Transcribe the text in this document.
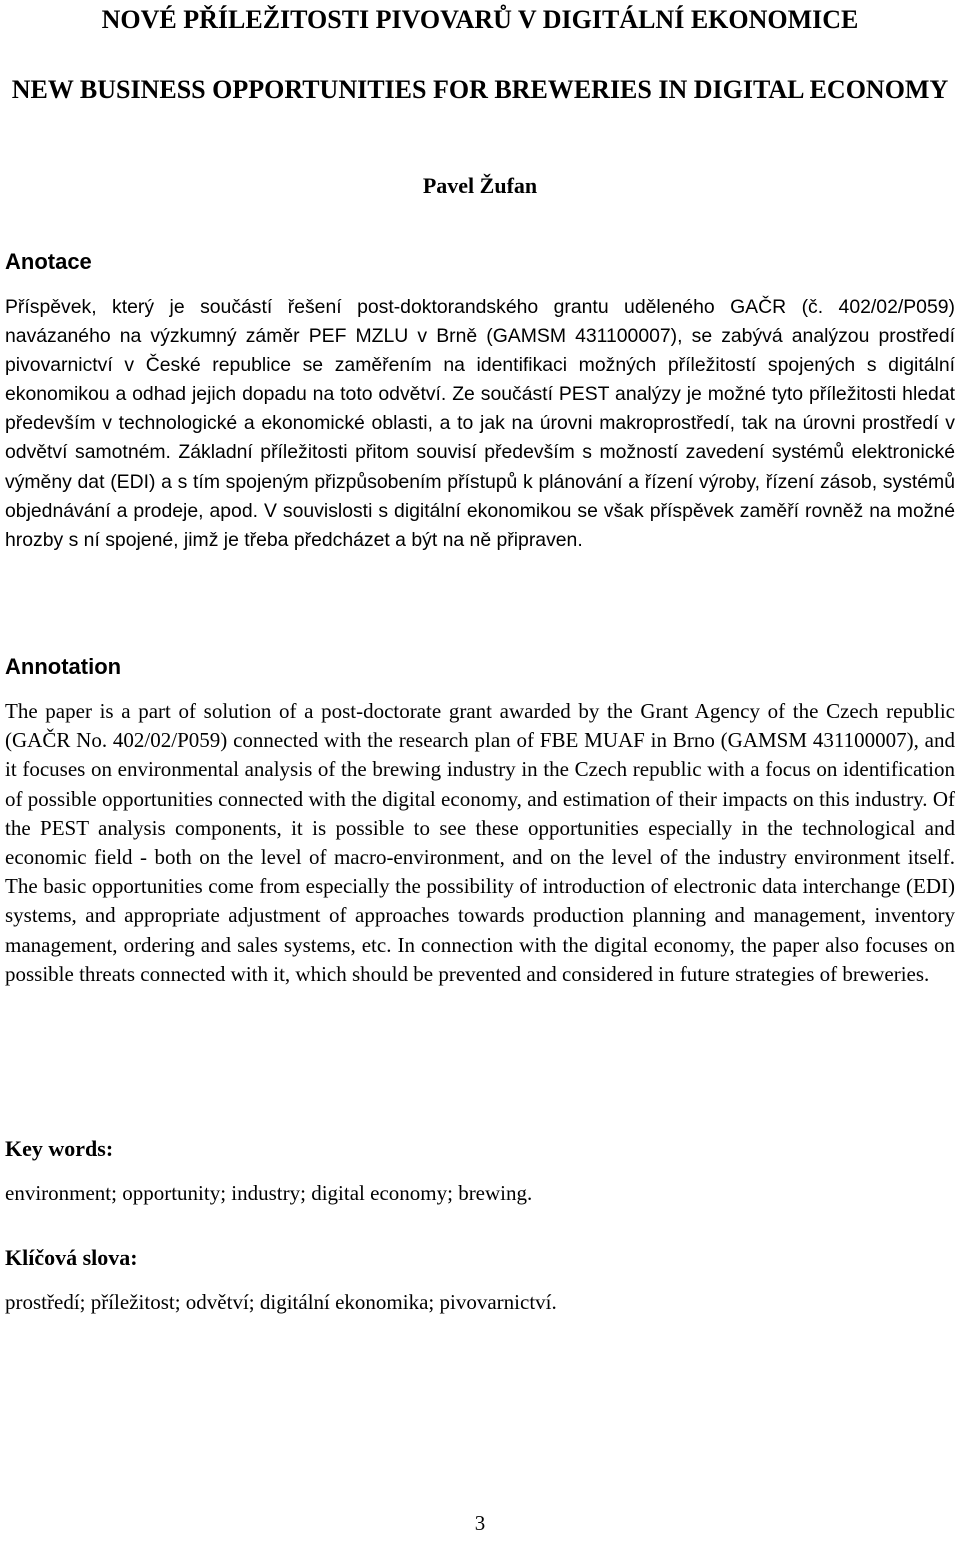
NOVÉ PŘÍLEŽITOSTI PIVOVARŮ V DIGITÁLNÍ EKONOMICE
NEW BUSINESS OPPORTUNITIES FOR BREWERIES IN DIGITAL ECONOMY
Pavel Žufan
Anotace

Příspěvek, který je součástí řešení post-doktorandského grantu uděleného GAČR (č. 402/02/P059) navázaného na výzkumný záměr PEF MZLU v Brně (GAMSM 431100007), se zabývá analýzou prostředí pivovarnictví v České republice se zaměřením na identifikaci možných příležitostí spojených s digitální ekonomikou a odhad jejich dopadu na toto odvětví. Ze součástí PEST analýzy je možné tyto příležitosti hledat především v technologické a ekonomické oblasti, a to jak na úrovni makroprostředí, tak na úrovni prostředí v odvětví samotném. Základní příležitosti přitom souvisí především s možností zavedení systémů elektronické výměny dat (EDI) a s tím spojeným přizpůsobením přístupů k plánování a řízení výroby, řízení zásob, systémů objednávání a prodeje, apod. V souvislosti s digitální ekonomikou se však příspěvek zaměří rovněž na možné hrozby s ní spojené, jimž je třeba předcházet a být na ně připraven.

Annotation

The paper is a part of solution of a post-doctorate grant awarded by the Grant Agency of the Czech republic (GAČR No. 402/02/P059) connected with the research plan of FBE MUAF in Brno (GAMSM 431100007), and it focuses on environmental analysis of the brewing industry in the Czech republic with a focus on identification of possible opportunities connected with the digital economy, and estimation of their impacts on this industry. Of the PEST analysis components, it is possible to see these opportunities especially in the technological and economic field - both on the level of macro-environment, and on the level of the industry environment itself. The basic opportunities come from especially the possibility of introduction of electronic data interchange (EDI) systems, and appropriate adjustment of approaches towards production planning and management, inventory management, ordering and sales systems, etc. In connection with the digital economy, the paper also focuses on possible threats connected with it, which should be prevented and considered in future strategies of breweries.

Key words:

environment; opportunity; industry; digital economy; brewing.

Klíčová slova:

prostředí; příležitost; odvětví; digitální ekonomika; pivovarnictví.

3
